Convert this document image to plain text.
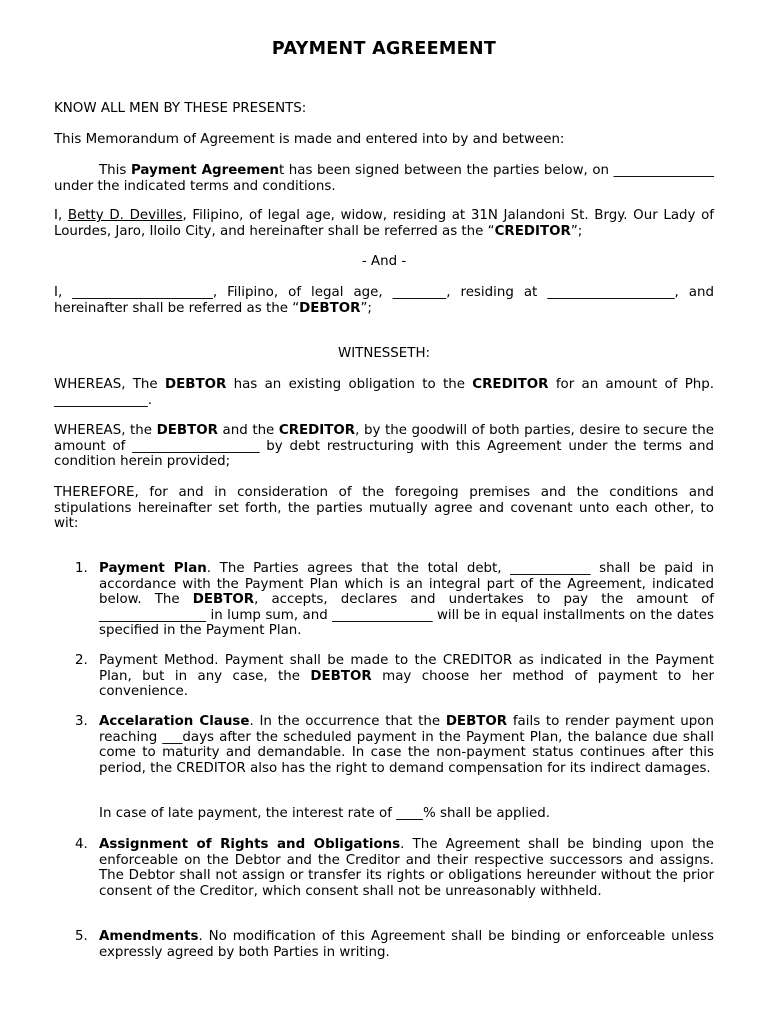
PAYMENT AGREEMENT

KNOW ALL MEN BY THESE PRESENTS:

This Memorandum of Agreement is made and entered into by and between:

This Payment Agreement has been signed between the parties below, on _______________ under the indicated terms and conditions.

I, Betty D. Devilles, Filipino, of legal age, widow, residing at 31N Jalandoni St. Brgy. Our Lady of Lourdes, Jaro, Iloilo City, and hereinafter shall be referred as the “CREDITOR”;

- And -

I, _____________________, Filipino, of legal age, ________, residing at ___________________, and hereinafter shall be referred as the “DEBTOR”;

WITNESSETH:

WHEREAS, The DEBTOR has an existing obligation to the CREDITOR for an amount of Php. ______________.

WHEREAS, the DEBTOR and the CREDITOR, by the goodwill of both parties, desire to secure the amount of ___________________ by debt restructuring with this Agreement under the terms and condition herein provided;

THEREFORE, for and in consideration of the foregoing premises and the conditions and stipulations hereinafter set forth, the parties mutually agree and covenant unto each other, to wit:

1. Payment Plan. The Parties agrees that the total debt, ____________ shall be paid in accordance with the Payment Plan which is an integral part of the Agreement, indicated below. The DEBTOR, accepts, declares and undertakes to pay the amount of ________________ in lump sum, and _______________ will be in equal installments on the dates specified in the Payment Plan.

2. Payment Method. Payment shall be made to the CREDITOR as indicated in the Payment Plan, but in any case, the DEBTOR may choose her method of payment to her convenience.

3. Accelaration Clause. In the occurrence that the DEBTOR fails to render payment upon reaching ___days after the scheduled payment in the Payment Plan, the balance due shall come to maturity and demandable. In case the non-payment status continues after this period, the CREDITOR also has the right to demand compensation for its indirect damages.

In case of late payment, the interest rate of ____% shall be applied.

4. Assignment of Rights and Obligations. The Agreement shall be binding upon the enforceable on the Debtor and the Creditor and their respective successors and assigns. The Debtor shall not assign or transfer its rights or obligations hereunder without the prior consent of the Creditor, which consent shall not be unreasonably withheld.

5. Amendments. No modification of this Agreement shall be binding or enforceable unless expressly agreed by both Parties in writing.
